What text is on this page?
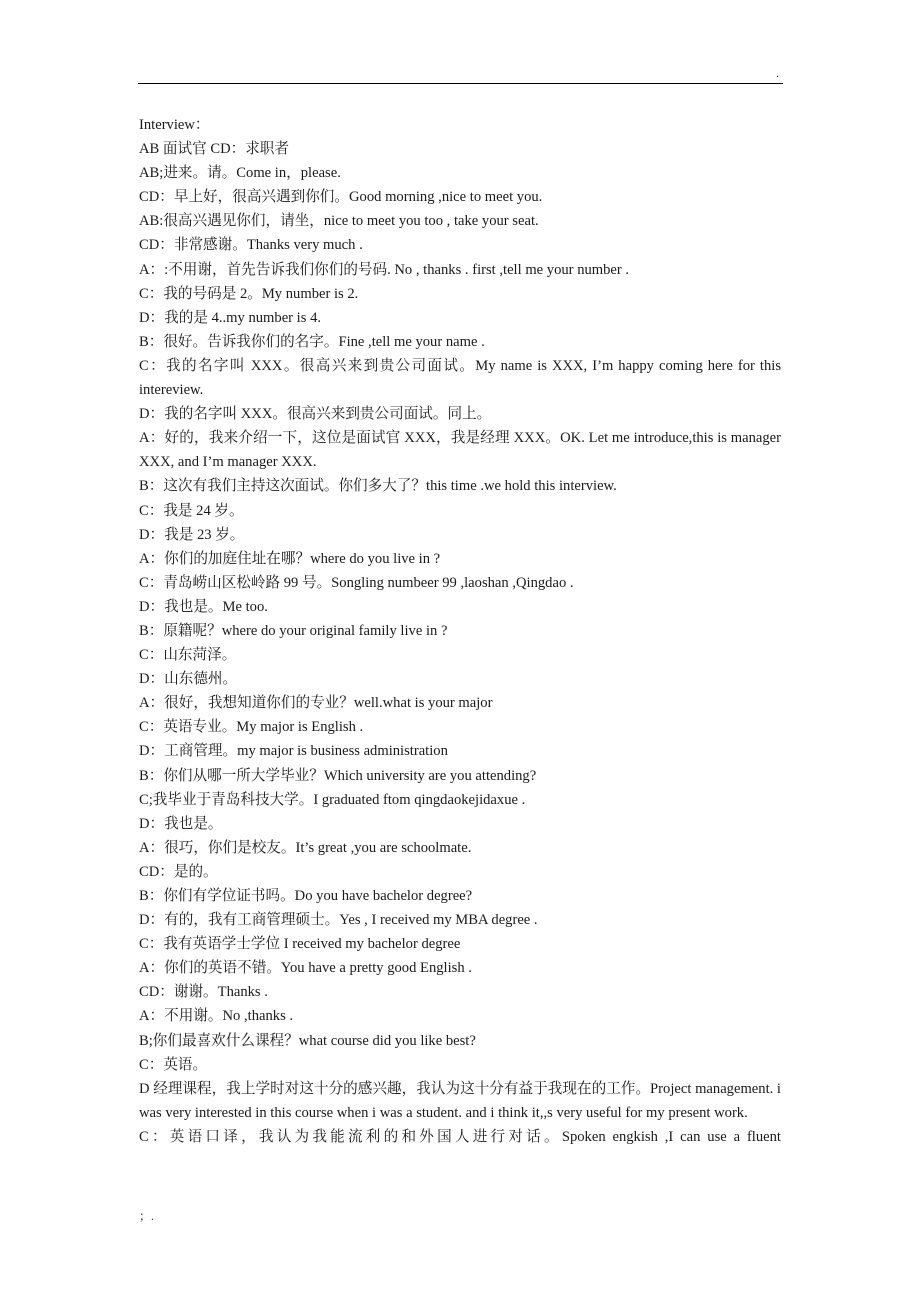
.
Interview：
AB 面试官 CD：求职者
AB;进来。请。Come in，please.
CD：早上好，很高兴遇到你们。Good morning ,nice to meet you.
AB:很高兴遇见你们，请坐，nice to meet you too , take your seat.
CD：非常感谢。Thanks very much .
A：:不用谢，首先告诉我们你们的号码. No , thanks . first ,tell me your number .
C：我的号码是 2。My number is 2.
D：我的是 4..my number is 4.
B：很好。告诉我你们的名字。Fine ,tell me your name .
C：我的名字叫 XXX。很高兴来到贵公司面试。My name is XXX, I’m happy coming here for this intereview.
D：我的名字叫 XXX。很高兴来到贵公司面试。同上。
A：好的，我来介绍一下，这位是面试官 XXX，我是经理 XXX。OK. Let me introduce,this is manager XXX, and I’m manager XXX.
B：这次有我们主持这次面试。你们多大了？this time .we hold this interview.
C：我是 24 岁。
D：我是 23 岁。
A：你们的加庭住址在哪？where do you live in ?
C：青岛崂山区松岭路 99 号。Songling numbeer 99 ,laoshan ,Qingdao .
D：我也是。Me too.
B：原籍呢？where do your original family live in ?
C：山东菏泽。
D：山东德州。
A：很好，我想知道你们的专业？well.what is your major
C：英语专业。My major is English .
D：工商管理。my major is business administration
B：你们从哪一所大学毕业？Which university are you attending?
C;我毕业于青岛科技大学。I graduated ftom qingdaokejidaxue .
D：我也是。
A：很巧，你们是校友。It’s great ,you are schoolmate.
CD：是的。
B：你们有学位证书吗。Do you have bachelor degree?
D：有的，我有工商管理硕士。Yes , I received my MBA degree .
C：我有英语学士学位 I received my bachelor degree
A：你们的英语不错。You have a pretty good English .
CD：谢谢。Thanks .
A：不用谢。No ,thanks .
B;你们最喜欢什么课程？what course did you like best?
C：英语。
D 经理课程，我上学时对这十分的感兴趣，我认为这十分有益于我现在的工作。Project management. i was very interested in this course when i was a student. and i think it,,s very useful for my present work.
C：英语口译，我认为我能流利的和外国人进行对话。Spoken engkish ,I can use a fluent
；.
